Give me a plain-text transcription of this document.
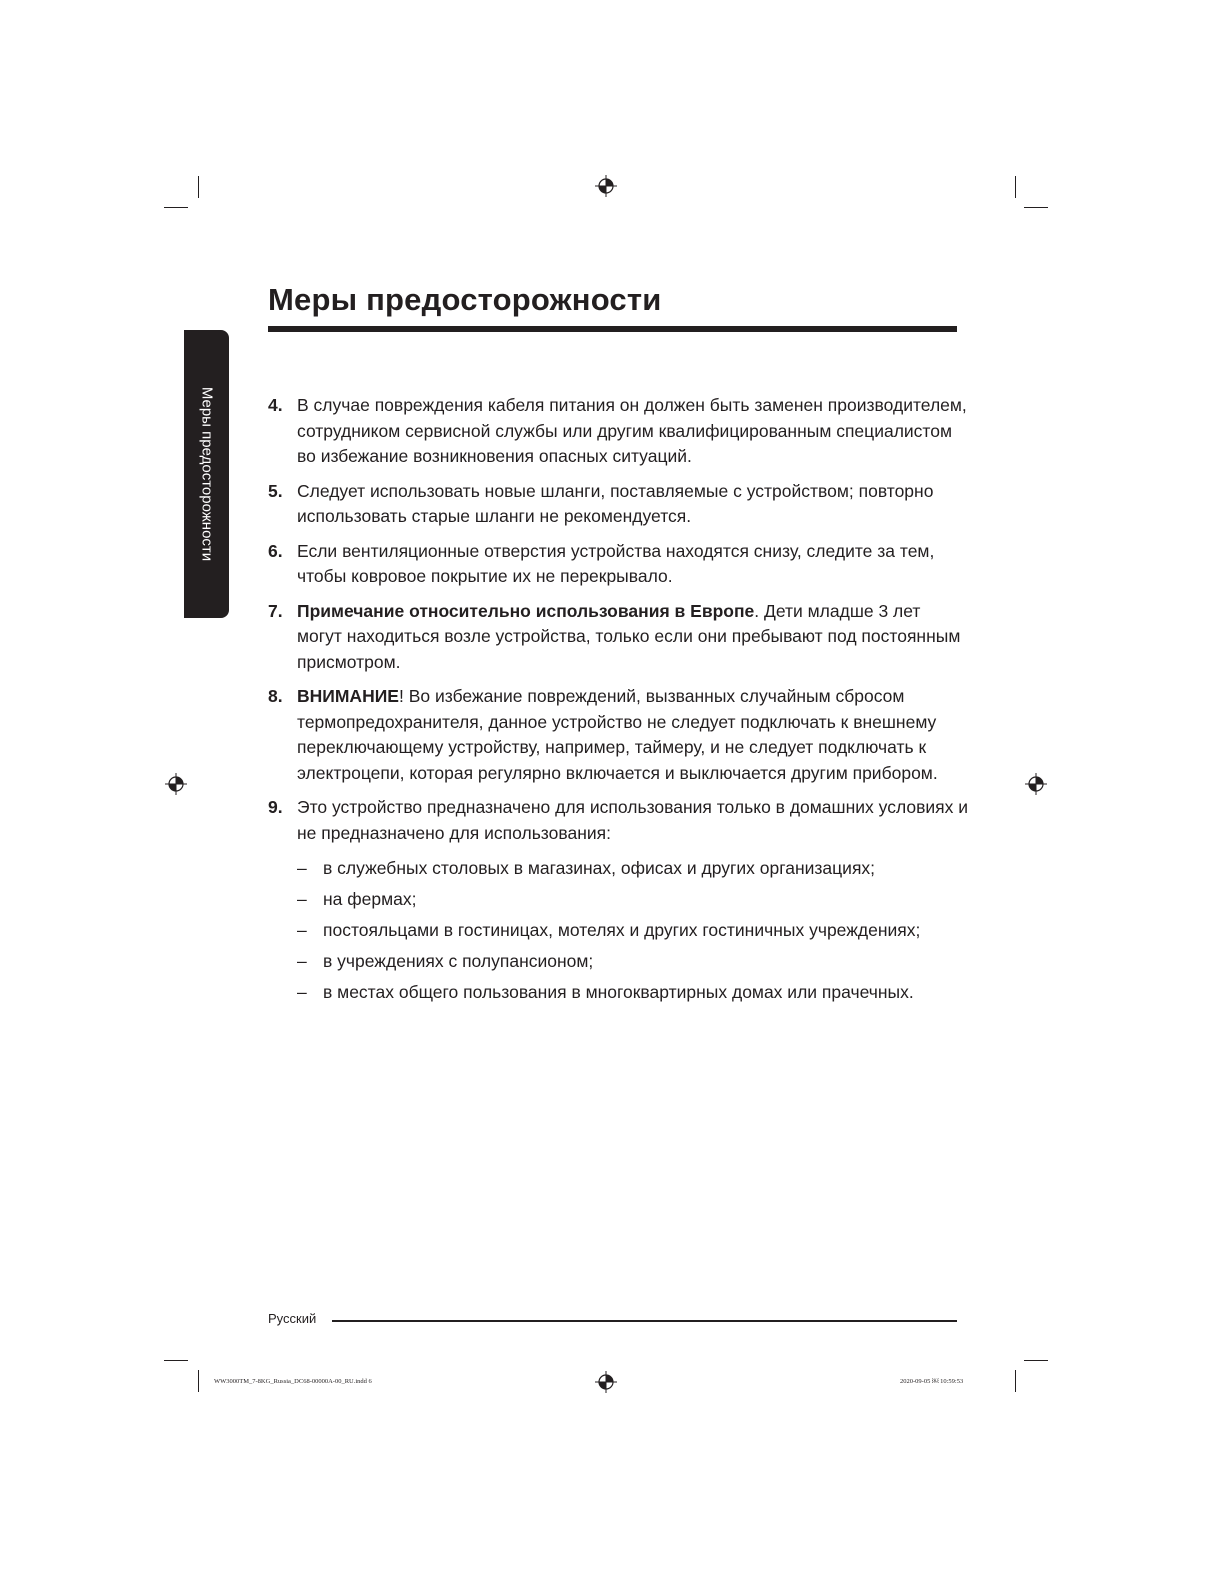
Меры предосторожности
Меры предосторожности
4. В случае повреждения кабеля питания он должен быть заменен производителем, сотрудником сервисной службы или другим квалифицированным специалистом во избежание возникновения опасных ситуаций.
5. Следует использовать новые шланги, поставляемые с устройством; повторно использовать старые шланги не рекомендуется.
6. Если вентиляционные отверстия устройства находятся снизу, следите за тем, чтобы ковровое покрытие их не перекрывало.
7. Примечание относительно использования в Европе. Дети младше 3 лет могут находиться возле устройства, только если они пребывают под постоянным присмотром.
8. ВНИМАНИЕ! Во избежание повреждений, вызванных случайным сбросом термопредохранителя, данное устройство не следует подключать к внешнему переключающему устройству, например, таймеру, и не следует подключать к электроцепи, которая регулярно включается и выключается другим прибором.
9. Это устройство предназначено для использования только в домашних условиях и не предназначено для использования:
– в служебных столовых в магазинах, офисах и других организациях;
– на фермах;
– постояльцами в гостиницах, мотелях и других гостиничных учреждениях;
– в учреждениях с полупансионом;
– в местах общего пользования в многоквартирных домах или прачечных.
Русский
WW3000TM_7-8KG_Russia_DC68-00000A-00_RU.indd 6	2020-09-05 ￼ 10:59:53
